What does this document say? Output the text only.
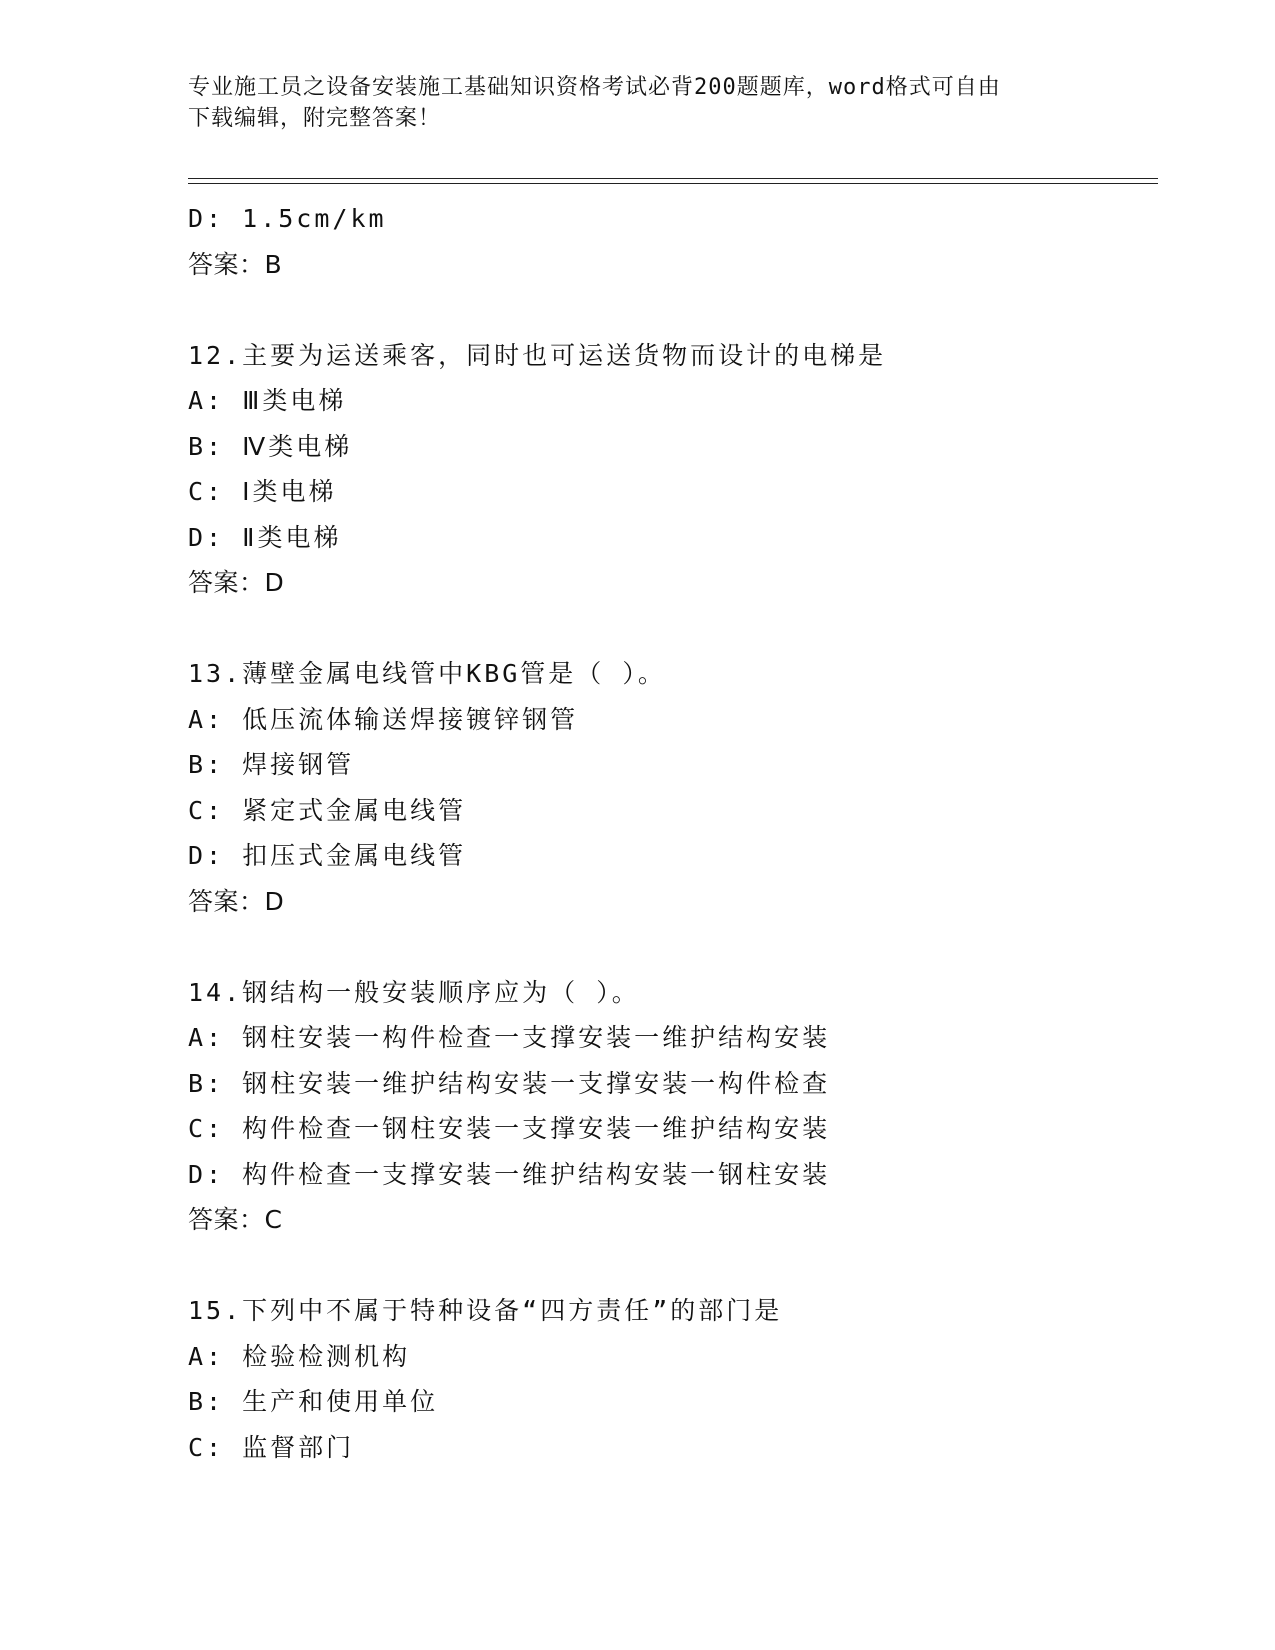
专业施工员之设备安装施工基础知识资格考试必背200题题库，word格式可自由
下载编辑，附完整答案！
D: 1.5cm/km
答案：B
12.主要为运送乘客，同时也可运送货物而设计的电梯是
A: Ⅲ类电梯
B: Ⅳ类电梯
C: Ⅰ类电梯
D: Ⅱ类电梯
答案：D
13.薄壁金属电线管中KBG管是（ ）。
A: 低压流体输送焊接镀锌钢管
B: 焊接钢管
C: 紧定式金属电线管
D: 扣压式金属电线管
答案：D
14.钢结构一般安装顺序应为（ ）。
A: 钢柱安装一构件检查一支撑安装一维护结构安装
B: 钢柱安装一维护结构安装一支撑安装一构件检查
C: 构件检查一钢柱安装一支撑安装一维护结构安装
D: 构件检查一支撑安装一维护结构安装一钢柱安装
答案：C
15.下列中不属于特种设备“四方责任”的部门是
A: 检验检测机构
B: 生产和使用单位
C: 监督部门
